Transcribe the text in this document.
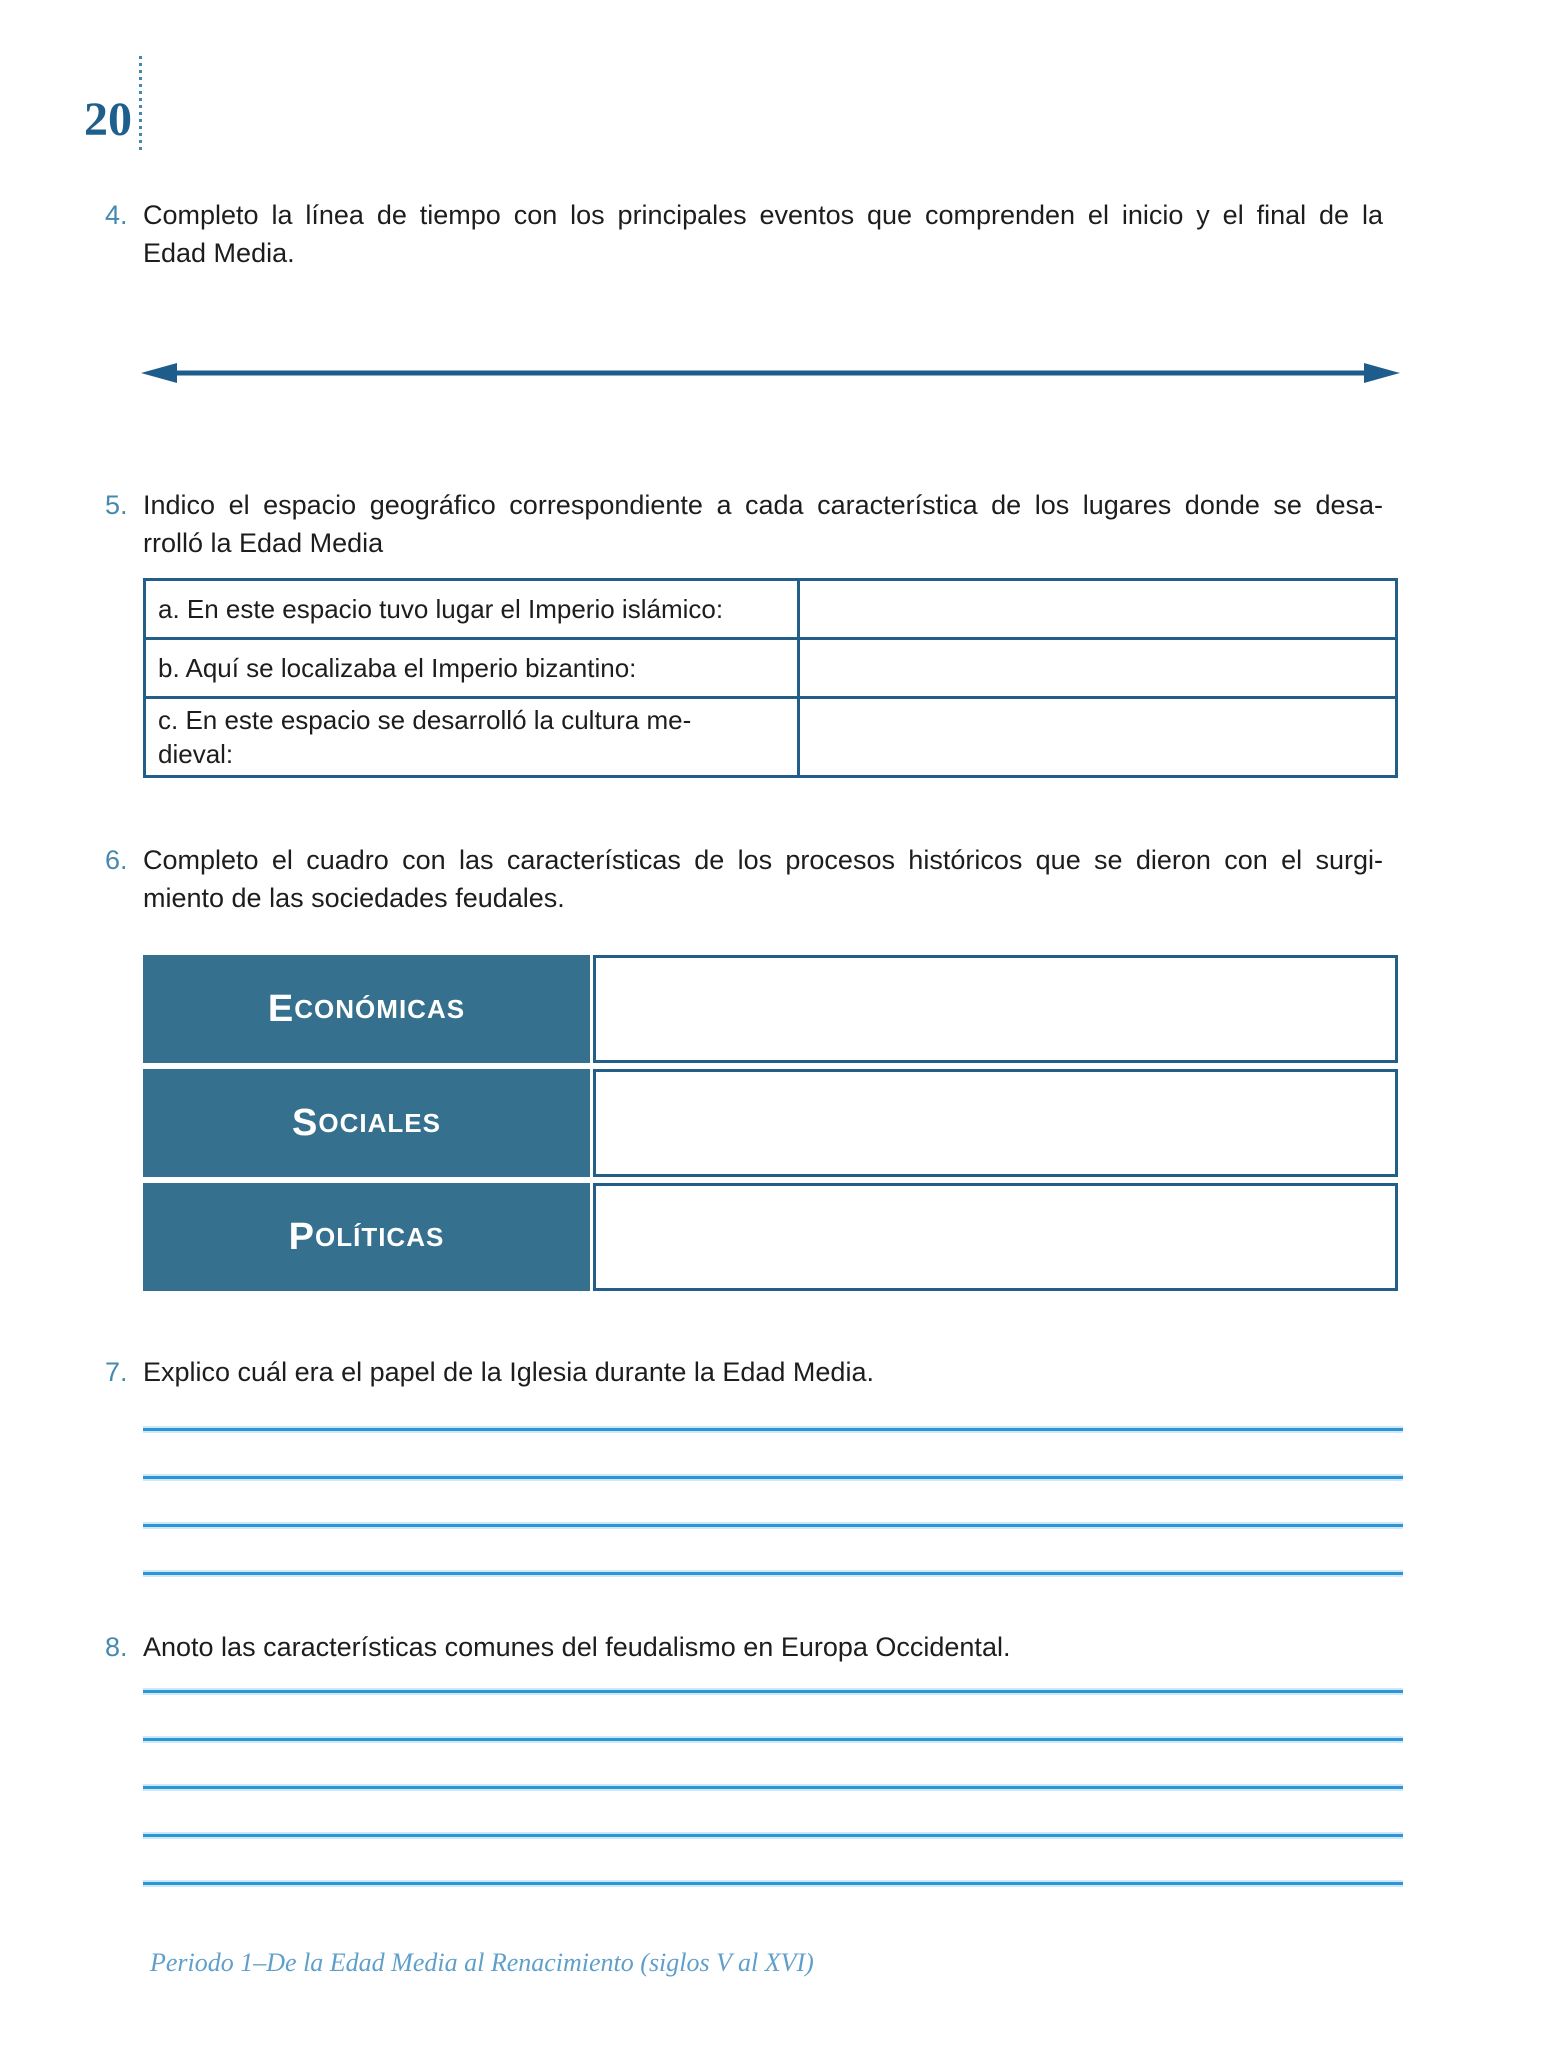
20
4. Completo la línea de tiempo con los principales eventos que comprenden el inicio y el final de la
Edad Media.
5. Indico el espacio geográfico correspondiente a cada característica de los lugares donde se desa-
rrolló la Edad Media
a. En este espacio tuvo lugar el Imperio islámico:
b. Aquí se localizaba el Imperio bizantino:
c. En este espacio se desarrolló la cultura me-
dieval:
6. Completo el cuadro con las características de los procesos históricos que se dieron con el surgi-
miento de las sociedades feudales.
E CONÓMICAS
S OCIALES
P OLÍTICAS
7. Explico cuál era el papel de la Iglesia durante la Edad Media.
8. Anoto las características comunes del feudalismo en Europa Occidental.
Periodo 1–De la Edad Media al Renacimiento (siglos V al XVI)
